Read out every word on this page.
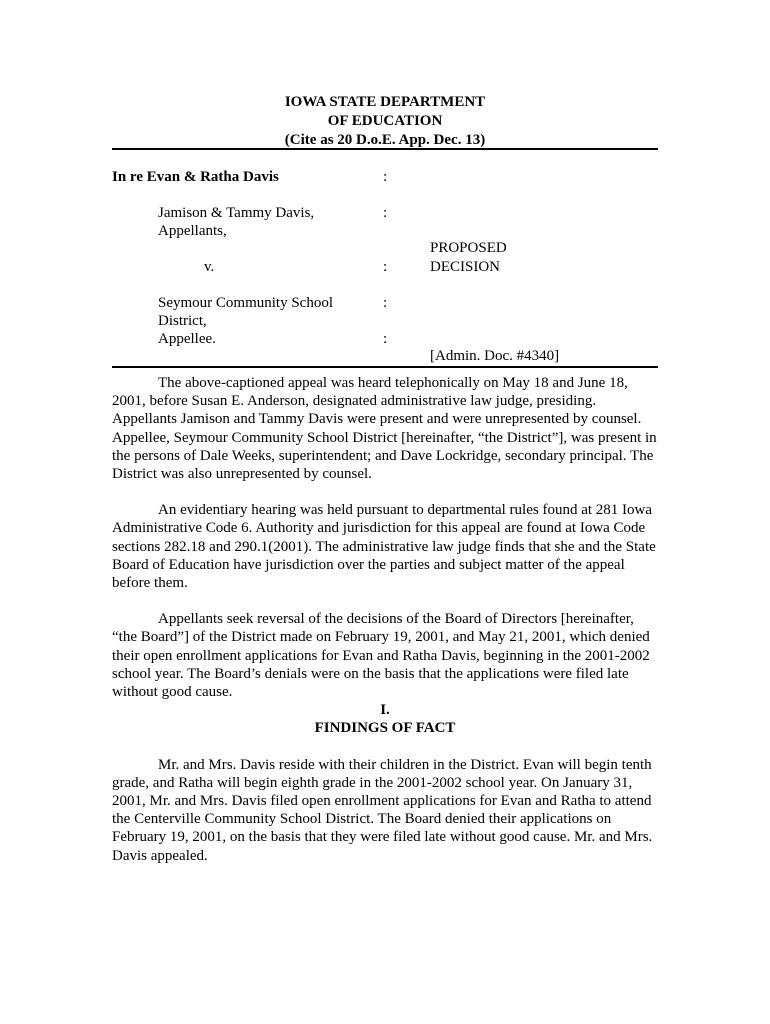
IOWA STATE DEPARTMENT
OF EDUCATION
(Cite as 20 D.o.E. App. Dec. 13)
In re Evan & Ratha Davis	:
Jamison & Tammy Davis,	:
Appellants,
PROPOSED
v.	:	DECISION
Seymour Community School	:
District,
Appellee.	:
[Admin. Doc. #4340]

The above-captioned appeal was heard telephonically on May 18 and June 18, 2001, before Susan E. Anderson, designated administrative law judge, presiding. Appellants Jamison and Tammy Davis were present and were unrepresented by counsel. Appellee, Seymour Community School District [hereinafter, “the District”], was present in the persons of Dale Weeks, superintendent; and Dave Lockridge, secondary principal. The District was also unrepresented by counsel.

An evidentiary hearing was held pursuant to departmental rules found at 281 Iowa Administrative Code 6. Authority and jurisdiction for this appeal are found at Iowa Code sections 282.18 and 290.1(2001). The administrative law judge finds that she and the State Board of Education have jurisdiction over the parties and subject matter of the appeal before them.

Appellants seek reversal of the decisions of the Board of Directors [hereinafter, “the Board”] of the District made on February 19, 2001, and May 21, 2001, which denied their open enrollment applications for Evan and Ratha Davis, beginning in the 2001-2002 school year. The Board’s denials were on the basis that the applications were filed late without good cause.

I.

FINDINGS OF FACT

Mr. and Mrs. Davis reside with their children in the District. Evan will begin tenth grade, and Ratha will begin eighth grade in the 2001-2002 school year. On January 31, 2001, Mr. and Mrs. Davis filed open enrollment applications for Evan and Ratha to attend the Centerville Community School District. The Board denied their applications on February 19, 2001, on the basis that they were filed late without good cause. Mr. and Mrs. Davis appealed.
